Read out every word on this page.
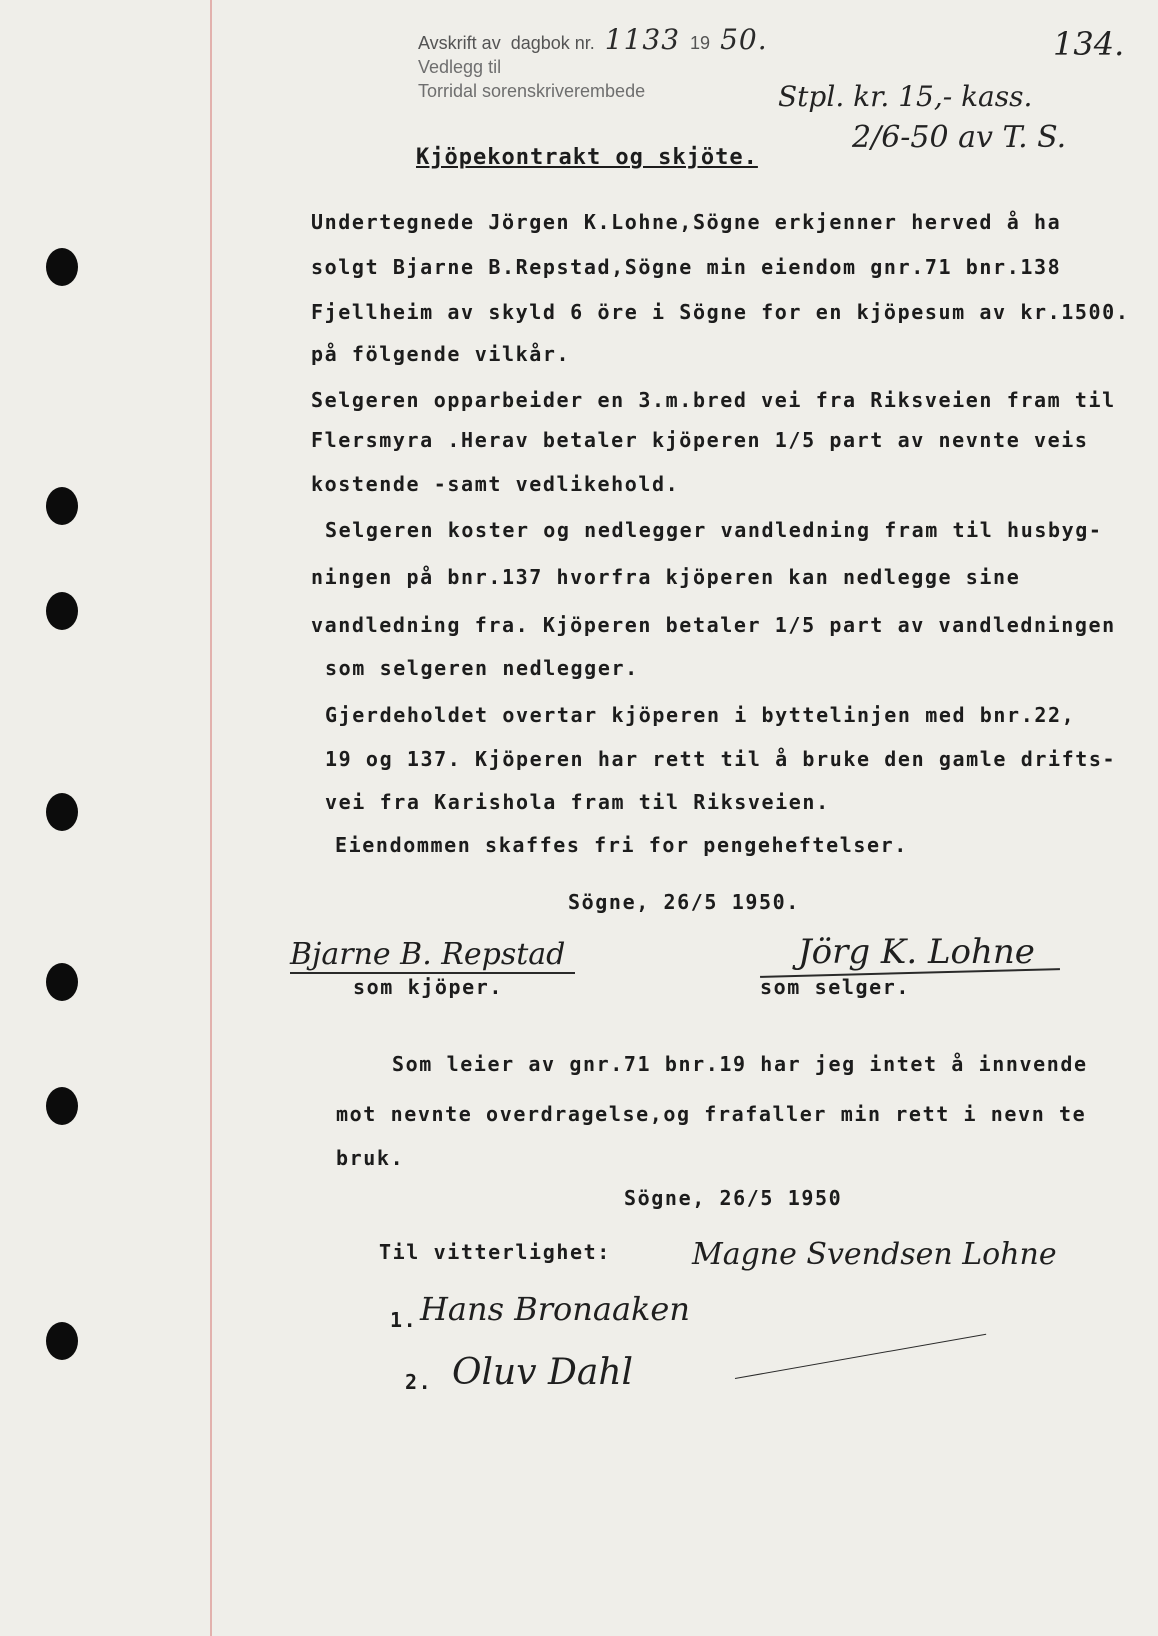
Avskrift av dagbok nr. 1133 19 50.
Vedlegg til
Torridal sorenskriverembede
134.
Stpl. kr. 15,- kass.
2/6-50 av T. S.
Kjöpekontrakt og skjöte.
Undertegnede Jörgen K.Lohne,Sögne erkjenner herved å ha
solgt Bjarne B.Repstad,Sögne min eiendom gnr.71 bnr.138
Fjellheim av skyld 6 öre i Sögne for en kjöpesum av kr.1500.
på fölgende vilkår.
Selgeren opparbeider en 3.m.bred vei fra Riksveien fram til
Flersmyra .Herav betaler kjöperen 1/5 part av nevnte veis
kostende -samt vedlikehold.
Selgeren koster og nedlegger vandledning fram til husbyg-
ningen på bnr.137 hvorfra kjöperen kan nedlegge sine
vandledning fra. Kjöperen betaler 1/5 part av vandledningen
som selgeren nedlegger.
Gjerdeholdet overtar kjöperen i byttelinjen med bnr.22,
19 og 137. Kjöperen har rett til å bruke den gamle drifts-
vei fra Karishola fram til Riksveien.
Eiendommen skaffes fri for pengeheftelser.
Sögne, 26/5 1950.
Bjarne B. Repstad
som kjöper.
Jörg K. Lohne
som selger.
Som leier av gnr.71 bnr.19 har jeg intet å innvende
mot nevnte overdragelse,og frafaller min rett i nevn te
bruk.
Sögne, 26/5 1950
Til vitterlighet:	Magne Svendsen Lohne
1. Hans Bronaaken
2. Oluv Dahl
